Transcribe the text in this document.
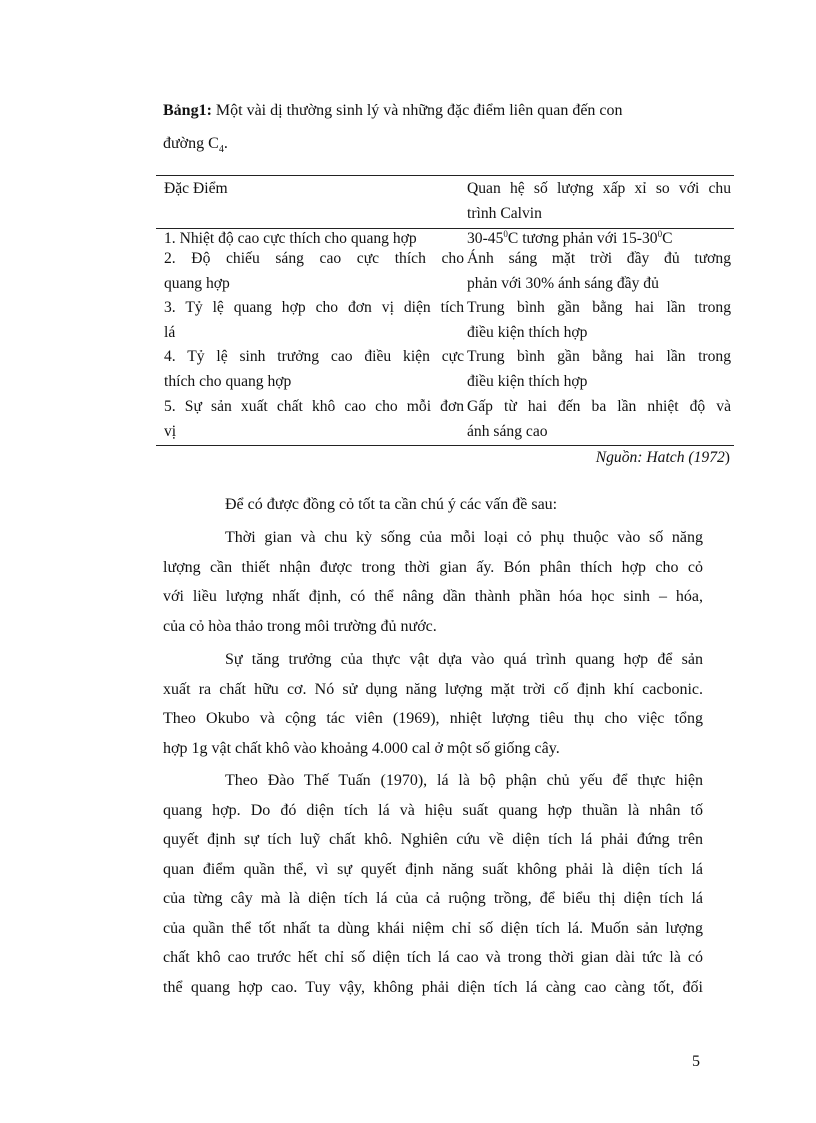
Bảng1: Một vài dị thường sinh lý và những đặc điểm liên quan đến con
đường $C_4$.
Đặc Điểm	Quan hệ số lượng xấp xỉ so với chu
trình Calvin
1. Nhiệt độ cao cực thích cho quang hợp	$30-45^0C$ tương phản với $15-30^0C$
2. Độ chiếu sáng cao cực thích cho
quang hợp
Ánh sáng mặt trời đầy đủ tương
phản với 30% ánh sáng đầy đủ
3. Tỷ lệ quang hợp cho đơn vị diện tích
lá
Trung bình gần bằng hai lần trong
điều kiện thích hợp
4. Tỷ lệ sinh trưởng cao điều kiện cực
thích cho quang hợp
Trung bình gần bằng hai lần trong
điều kiện thích hợp
5. Sự sản xuất chất khô cao cho mỗi đơn
vị
Gấp từ hai đến ba lần nhiệt độ và
ánh sáng cao
Nguồn: Hatch (1972)
Để có được đồng cỏ tốt ta cần chú ý các vấn đề sau:
Thời gian và chu kỳ sống của mỗi loại cỏ phụ thuộc vào số năng
lượng cần thiết nhận được trong thời gian ấy. Bón phân thích hợp cho cỏ
với liều lượng nhất định, có thể nâng dần thành phần hóa học sinh – hóa,
của cỏ hòa thảo trong môi trường đủ nước.
Sự tăng trưởng của thực vật dựa vào quá trình quang hợp để sản
xuất ra chất hữu cơ. Nó sử dụng năng lượng mặt trời cố định khí cacbonic.
Theo Okubo và cộng tác viên (1969), nhiệt lượng tiêu thụ cho việc tổng
hợp 1g vật chất khô vào khoảng 4.000 cal ở một số giống cây.
Theo Đào Thế Tuấn (1970), lá là bộ phận chủ yếu để thực hiện
quang hợp. Do đó diện tích lá và hiệu suất quang hợp thuần là nhân tố
quyết định sự tích luỹ chất khô. Nghiên cứu về diện tích lá phải đứng trên
quan điểm quần thể, vì sự quyết định năng suất không phải là diện tích lá
của từng cây mà là diện tích lá của cả ruộng trồng, để biểu thị diện tích lá
của quần thể tốt nhất ta dùng khái niệm chỉ số diện tích lá. Muốn sản lượng
chất khô cao trước hết chỉ số diện tích lá cao và trong thời gian dài tức là có
thể quang hợp cao. Tuy vậy, không phải diện tích lá càng cao càng tốt, đối
5
